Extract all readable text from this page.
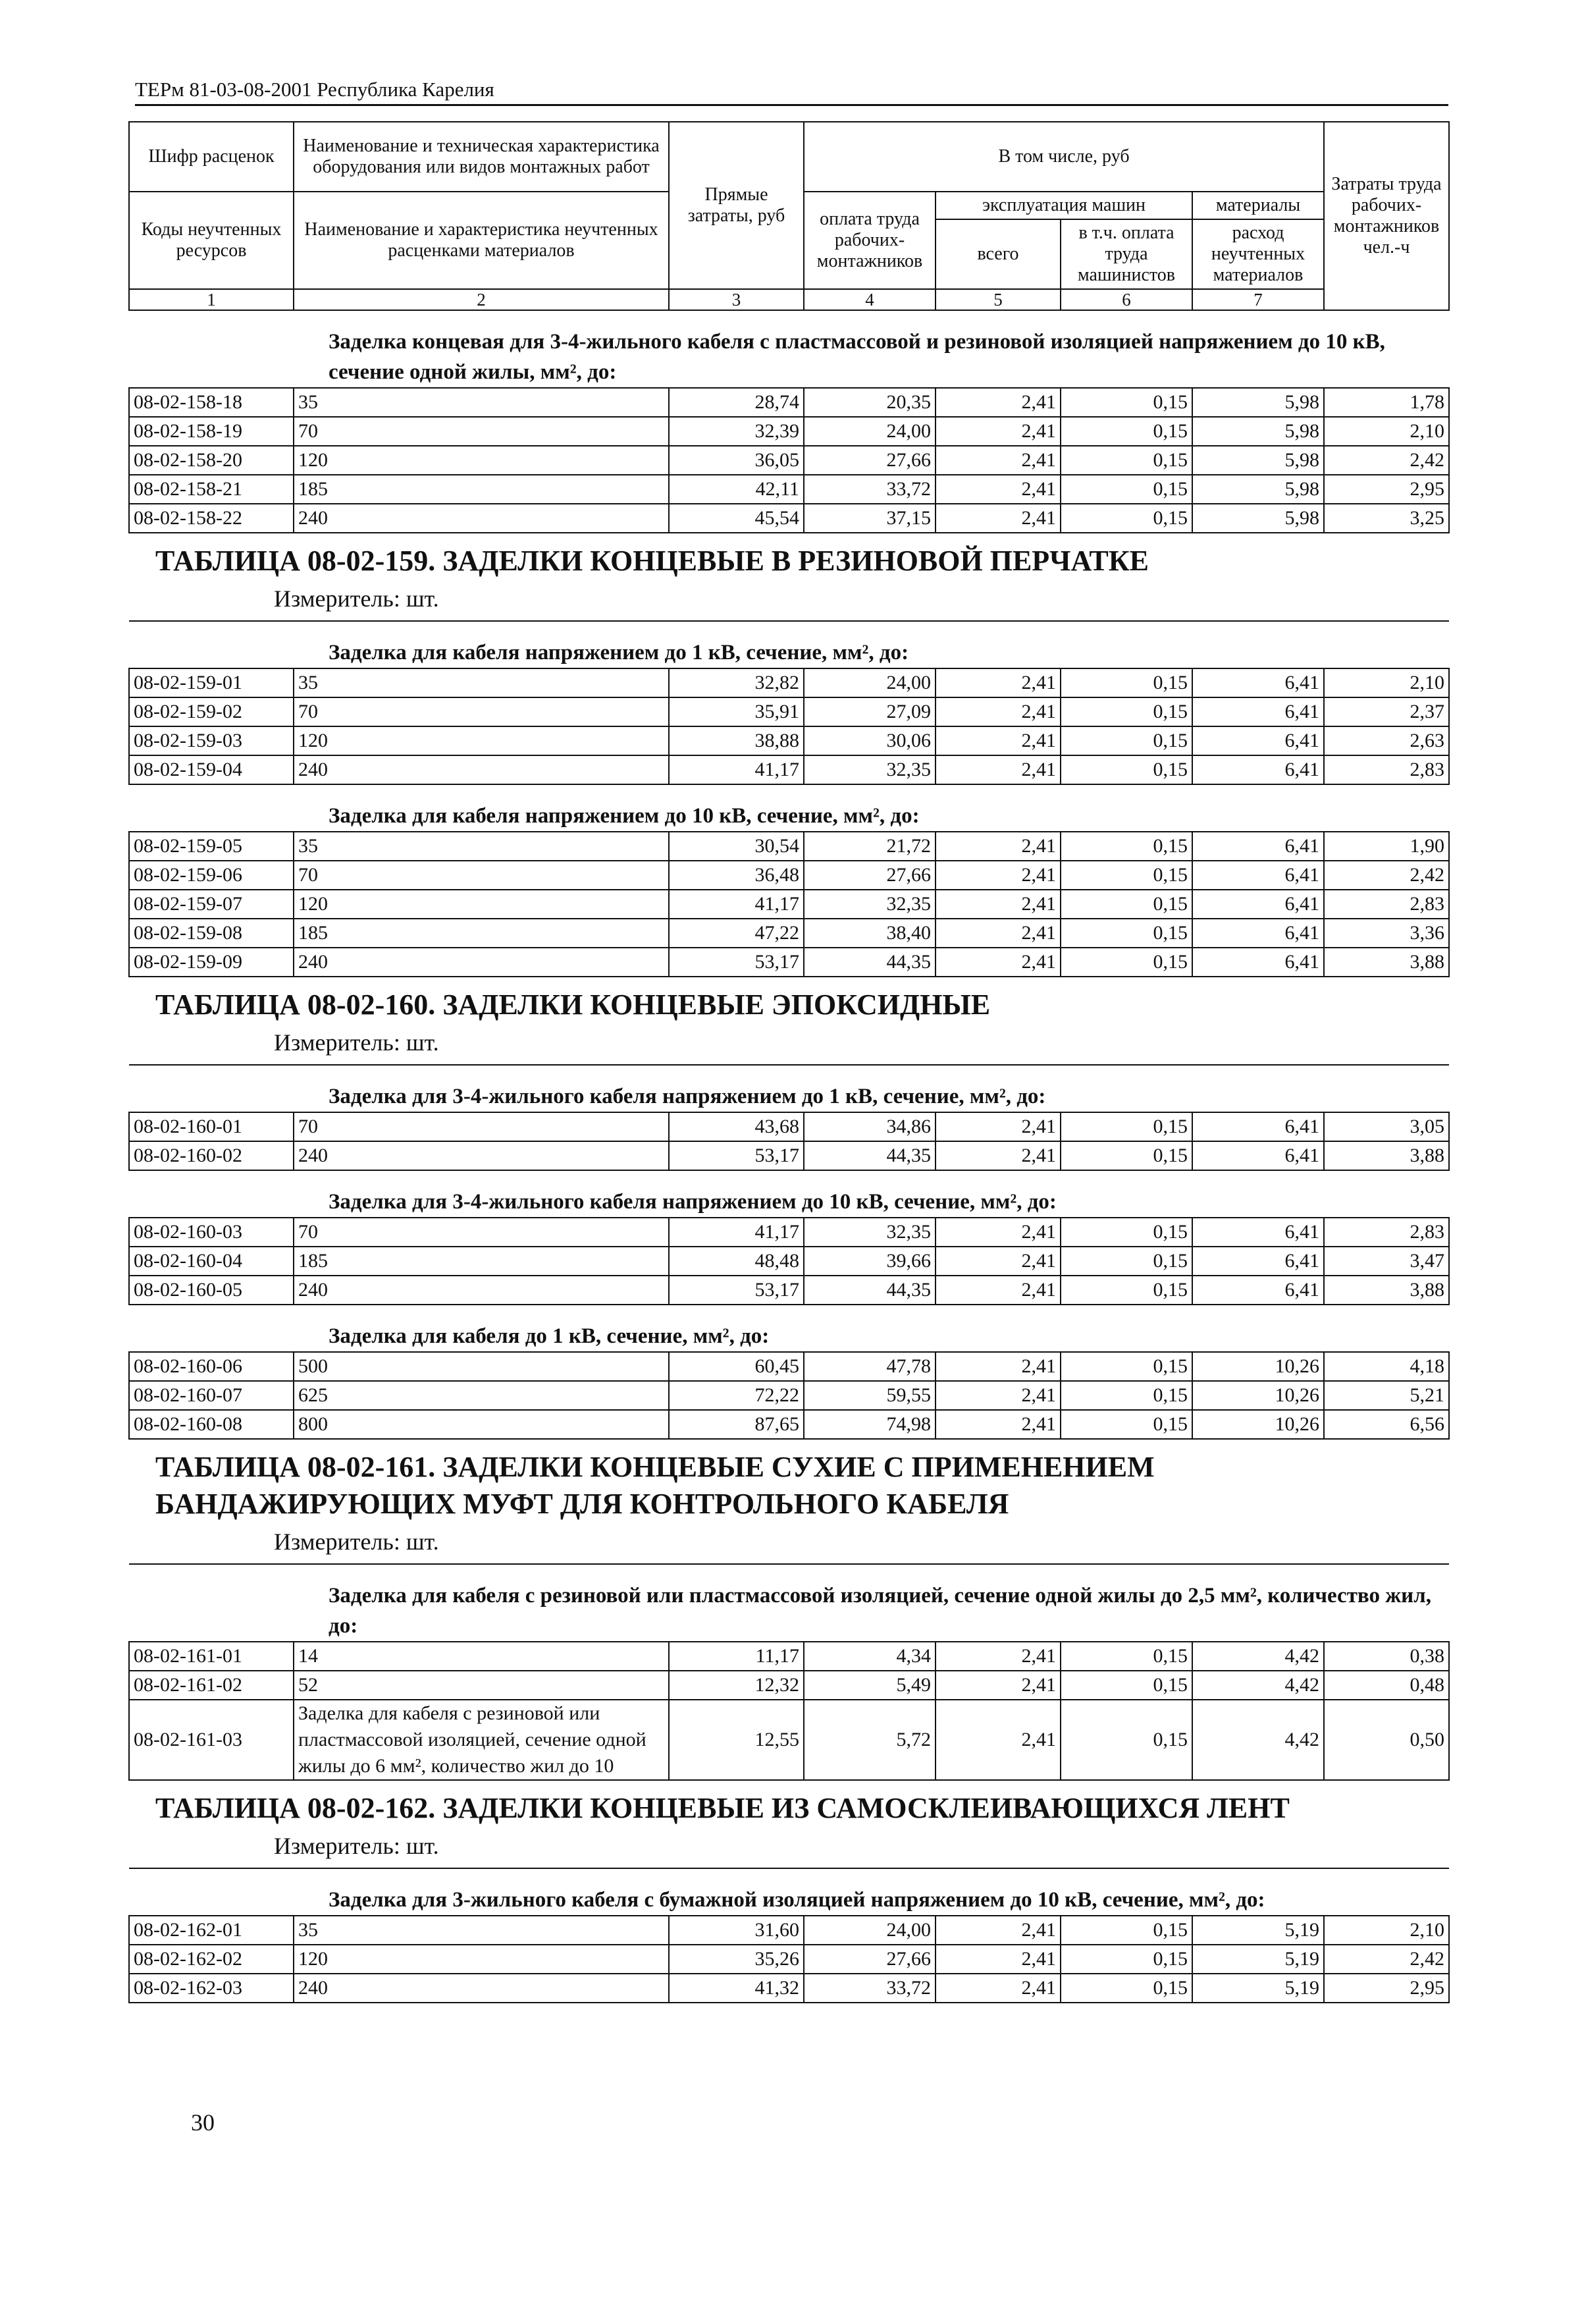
ТЕРм 81-03-08-2001 Республика Карелия
Шифр расценок	Наименование и техническая характеристика оборудования или видов монтажных работ	Прямые затраты, руб	В том числе, руб				Затраты труда рабочих-монтажников чел.-ч
Коды неучтенных ресурсов	Наименование и характеристика неучтенных расценками материалов		оплата труда рабочих-монтажников	эксплуатация машин		материалы	
				всего	в т.ч. оплата труда машинистов	расход неучтенных материалов	
1	2	3	4	5	6	7	
Заделка концевая для 3-4-жильного кабеля с пластмассовой и резиновой изоляцией напряжением до 10 кВ, сечение одной жилы, мм², до:							
08-02-158-18	35	28,74	20,35	2,41	0,15	5,98	1,78
08-02-158-19	70	32,39	24,00	2,41	0,15	5,98	2,10
08-02-158-20	120	36,05	27,66	2,41	0,15	5,98	2,42
08-02-158-21	185	42,11	33,72	2,41	0,15	5,98	2,95
08-02-158-22	240	45,54	37,15	2,41	0,15	5,98	3,25
ТАБЛИЦА 08-02-159. ЗАДЕЛКИ КОНЦЕВЫЕ В РЕЗИНОВОЙ ПЕРЧАТКЕ							
Измеритель: шт.							
Заделка для кабеля напряжением до 1 кВ, сечение, мм², до:							
08-02-159-01	35	32,82	24,00	2,41	0,15	6,41	2,10
08-02-159-02	70	35,91	27,09	2,41	0,15	6,41	2,37
08-02-159-03	120	38,88	30,06	2,41	0,15	6,41	2,63
08-02-159-04	240	41,17	32,35	2,41	0,15	6,41	2,83
Заделка для кабеля напряжением до 10 кВ, сечение, мм², до:							
08-02-159-05	35	30,54	21,72	2,41	0,15	6,41	1,90
08-02-159-06	70	36,48	27,66	2,41	0,15	6,41	2,42
08-02-159-07	120	41,17	32,35	2,41	0,15	6,41	2,83
08-02-159-08	185	47,22	38,40	2,41	0,15	6,41	3,36
08-02-159-09	240	53,17	44,35	2,41	0,15	6,41	3,88
ТАБЛИЦА 08-02-160. ЗАДЕЛКИ КОНЦЕВЫЕ ЭПОКСИДНЫЕ							
Измеритель: шт.							
Заделка для 3-4-жильного кабеля напряжением до 1 кВ, сечение, мм², до:							
08-02-160-01	70	43,68	34,86	2,41	0,15	6,41	3,05
08-02-160-02	240	53,17	44,35	2,41	0,15	6,41	3,88
Заделка для 3-4-жильного кабеля напряжением до 10 кВ, сечение, мм², до:							
08-02-160-03	70	41,17	32,35	2,41	0,15	6,41	2,83
08-02-160-04	185	48,48	39,66	2,41	0,15	6,41	3,47
08-02-160-05	240	53,17	44,35	2,41	0,15	6,41	3,88
Заделка для кабеля до 1 кВ, сечение, мм², до:							
08-02-160-06	500	60,45	47,78	2,41	0,15	10,26	4,18
08-02-160-07	625	72,22	59,55	2,41	0,15	10,26	5,21
08-02-160-08	800	87,65	74,98	2,41	0,15	10,26	6,56
ТАБЛИЦА 08-02-161. ЗАДЕЛКИ КОНЦЕВЫЕ СУХИЕ С ПРИМЕНЕНИЕМ БАНДАЖИРУЮЩИХ МУФТ ДЛЯ КОНТРОЛЬНОГО КАБЕЛЯ							
Измеритель: шт.							
Заделка для кабеля с резиновой или пластмассовой изоляцией, сечение одной жилы до 2,5 мм², количество жил, до:							
08-02-161-01	14	11,17	4,34	2,41	0,15	4,42	0,38
08-02-161-02	52	12,32	5,49	2,41	0,15	4,42	0,48
08-02-161-03	Заделка для кабеля с резиновой или пластмассовой изоляцией, сечение одной жилы до 6 мм², количество жил до 10	12,55	5,72	2,41	0,15	4,42	0,50
ТАБЛИЦА 08-02-162. ЗАДЕЛКИ КОНЦЕВЫЕ ИЗ САМОСКЛЕИВАЮЩИХСЯ ЛЕНТ							
Измеритель: шт.							
Заделка для 3-жильного кабеля с бумажной изоляцией напряжением до 10 кВ, сечение, мм², до:							
08-02-162-01	35	31,60	24,00	2,41	0,15	5,19	2,10
08-02-162-02	120	35,26	27,66	2,41	0,15	5,19	2,42
08-02-162-03	240	41,32	33,72	2,41	0,15	5,19	2,95
30
